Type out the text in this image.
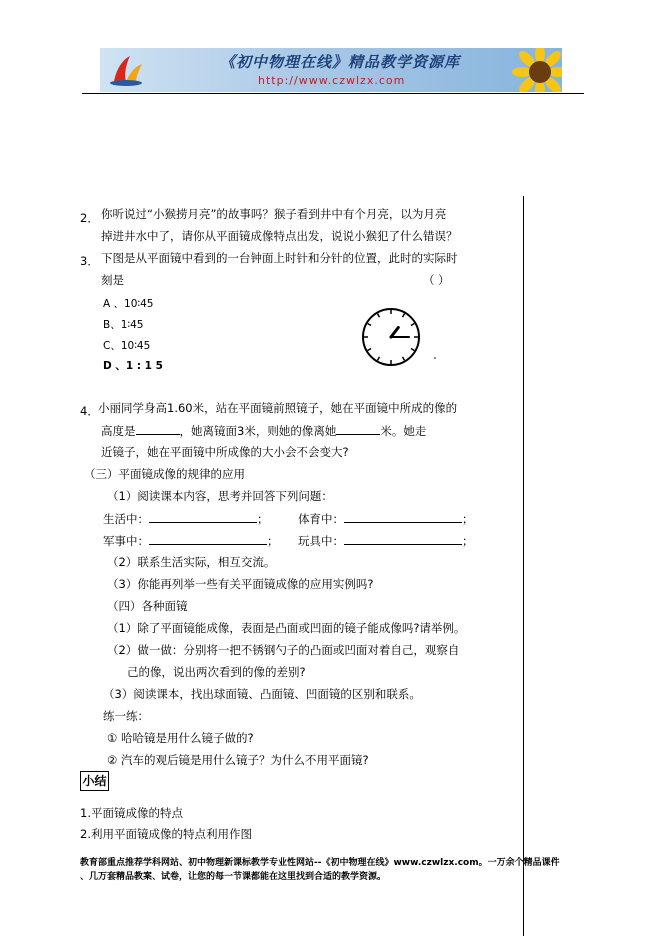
《初中物理在线》精品教学资源库
http://www.czwlzx.com
2． 你听说过“小猴捞月亮”的故事吗？猴子看到井中有个月亮，以为月亮
掉进井水中了，请你从平面镜成像特点出发，说说小猴犯了什么错误？
3． 下图是从平面镜中看到的一台钟面上时针和分针的位置，此时的实际时
刻是	（ ）
A 、10∶45
B、1∶45
C、10∶45
D 、1 : 1 5
4． 小丽同学身高1.60米，站在平面镜前照镜子，她在平面镜中所成的像的
高度是	，她离镜面3米，则她的像离她	米。她走
近镜子，她在平面镜中所成像的大小会不会变大?
（三）平面镜成像的规律的应用
（1）阅读课本内容，思考并回答下列问题：
生活中：	；	体育中：	；
军事中：	； 玩具中：	；
（2）联系生活实际，相互交流。
（3）你能再列举一些有关平面镜成像的应用实例吗?
（四）各种面镜
（1）除了平面镜能成像，表面是凸面或凹面的镜子能成像吗?请举例。
（2）做一做：分别将一把不锈钢勺子的凸面或凹面对着自己，观察自
己的像，说出两次看到的像的差别?
（3）阅读课本，找出球面镜、凸面镜、凹面镜的区别和联系。
练一练：
① 哈哈镜是用什么镜子做的?
② 汽车的观后镜是用什么镜子？为什么不用平面镜?
小结
1.平面镜成像的特点
2.利用平面镜成像的特点利用作图
教育部重点推荐学科网站、初中物理新课标教学专业性网站--《初中物理在线》www.czwlzx.com。一万余个精品课件
、几万套精品教案、试卷，让您的每一节课都能在这里找到合适的教学资源。
